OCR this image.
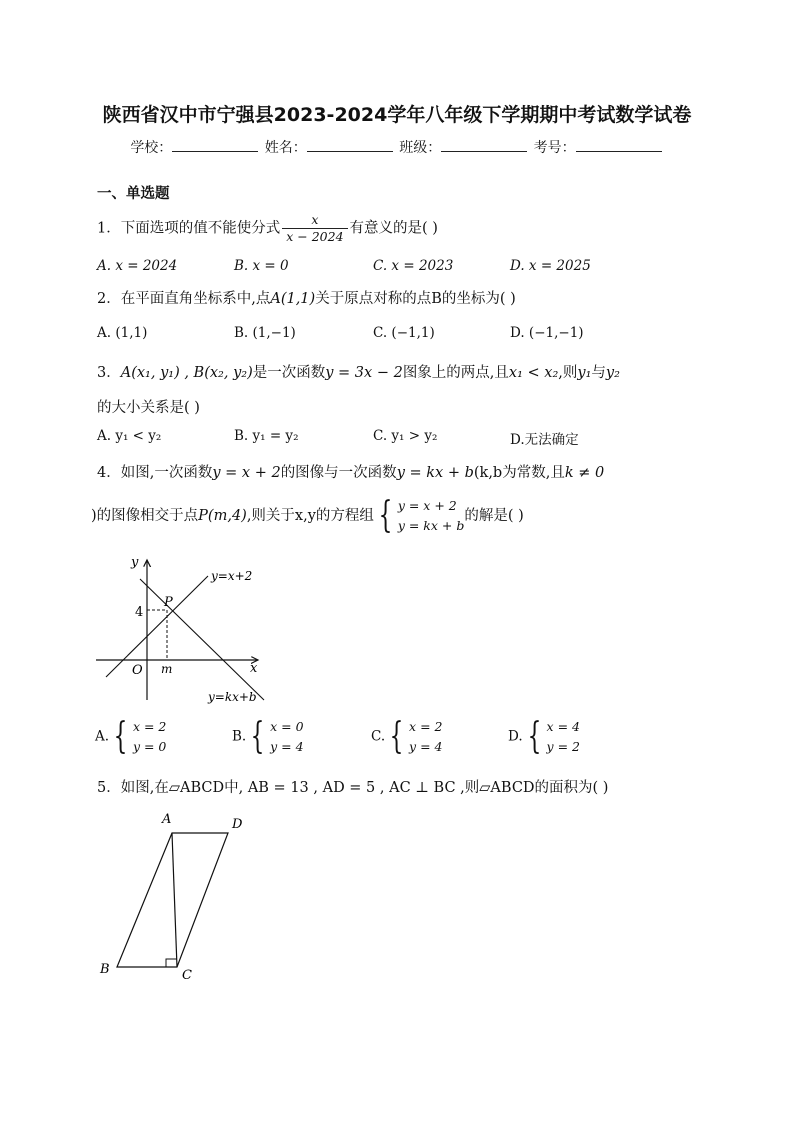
陕西省汉中市宁强县2023-2024学年八年级下学期期中考试数学试卷
学校：	姓名：	班级：	考号：
一、单选题
1．下面选项的值不能使分式 $\frac{x}{x - 2024}$ 有意义的是( )
A. x = 2024	B. x = 0	C. x = 2023	D. x = 2025
2．在平面直角坐标系中,点A(1,1)关于原点对称的点B的坐标为( )
A. (1,1)	B. (1,−1)	C. (−1,1)	D. (−1,−1)
3．A(x₁, y₁) , B(x₂, y₂)是一次函数y = 3x − 2图象上的两点,且x₁ < x₂,则y₁与y₂
的大小关系是( )
A. y₁ < y₂	B. y₁ = y₂	C. y₁ > y₂	D.无法确定
4．如图,一次函数y = x + 2的图像与一次函数y = kx + b(k,b为常数,且k ≠ 0
)的图像相交于点P(m,4),则关于x,y的方程组 { y = x + 2
y = kx + b
的解是( )
y
x
O
P
4
m
y=x+2
y=kx+b
A. { x = 2
y = 0
B. { x = 0
y = 4
C. { x = 2
y = 4
D. { x = 4
y = 2
5．如图,在▱ABCD中, AB = 13 , AD = 5 , AC ⊥ BC ,则▱ABCD的面积为( )
A	D
B	C
